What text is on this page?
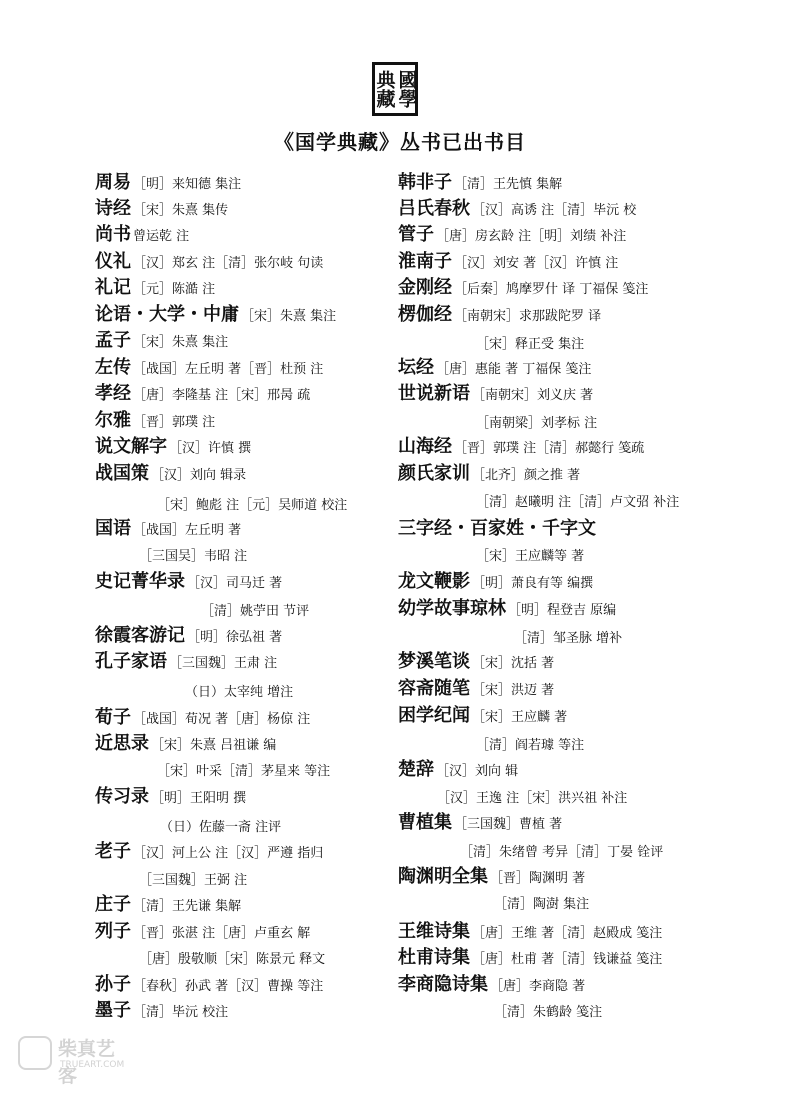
國學
典藏
《国学典藏》丛书已出书目
周易 ［明］来知德 集注
诗经 ［宋］朱熹 集传
尚书 曾运乾 注
仪礼 ［汉］郑玄 注［清］张尔岐 句读
礼记 ［元］陈澔 注
论语・大学・中庸 ［宋］朱熹 集注
孟子 ［宋］朱熹 集注
左传 ［战国］左丘明 著［晋］杜预 注
孝经 ［唐］李隆基 注［宋］邢昺 疏
尔雅 ［晋］郭璞 注
说文解字 ［汉］许慎 撰
战国策 ［汉］刘向 辑录
［宋］鲍彪 注［元］吴师道 校注
国语 ［战国］左丘明 著
［三国吴］韦昭 注
史记菁华录 ［汉］司马迁 著
［清］姚苧田 节评
徐霞客游记 ［明］徐弘祖 著
孔子家语 ［三国魏］王肃 注
（日）太宰纯 增注
荀子 ［战国］荀况 著［唐］杨倞 注
近思录 ［宋］朱熹 吕祖谦 编
［宋］叶采［清］茅星来 等注
传习录 ［明］王阳明 撰
（日）佐藤一斋 注评
老子 ［汉］河上公 注［汉］严遵 指归
［三国魏］王弼 注
庄子 ［清］王先谦 集解
列子 ［晋］张湛 注［唐］卢重玄 解
［唐］殷敬顺［宋］陈景元 释文
孙子 ［春秋］孙武 著［汉］曹操 等注
墨子 ［清］毕沅 校注
韩非子 ［清］王先慎 集解
吕氏春秋 ［汉］高诱 注［清］毕沅 校
管子 ［唐］房玄龄 注［明］刘绩 补注
淮南子 ［汉］刘安 著［汉］许慎 注
金刚经 ［后秦］鸠摩罗什 译 丁福保 笺注
楞伽经 ［南朝宋］求那跋陀罗 译
［宋］释正受 集注
坛经 ［唐］惠能 著 丁福保 笺注
世说新语 ［南朝宋］刘义庆 著
［南朝梁］刘孝标 注
山海经 ［晋］郭璞 注［清］郝懿行 笺疏
颜氏家训 ［北齐］颜之推 著
［清］赵曦明 注［清］卢文弨 补注
三字经・百家姓・千字文
［宋］王应麟等 著
龙文鞭影 ［明］萧良有等 编撰
幼学故事琼林 ［明］程登吉 原编
［清］邹圣脉 增补
梦溪笔谈 ［宋］沈括 著
容斋随笔 ［宋］洪迈 著
困学纪闻 ［宋］王应麟 著
［清］阎若璩 等注
楚辞 ［汉］刘向 辑
［汉］王逸 注［宋］洪兴祖 补注
曹植集 ［三国魏］曹植 著
［清］朱绪曾 考异［清］丁晏 铨评
陶渊明全集 ［晋］陶渊明 著
［清］陶澍 集注
王维诗集 ［唐］王维 著［清］赵殿成 笺注
杜甫诗集 ［唐］杜甫 著［清］钱谦益 笺注
李商隐诗集 ［唐］李商隐 著
［清］朱鹤龄 笺注
柴真艺客
TRUEART.COM
